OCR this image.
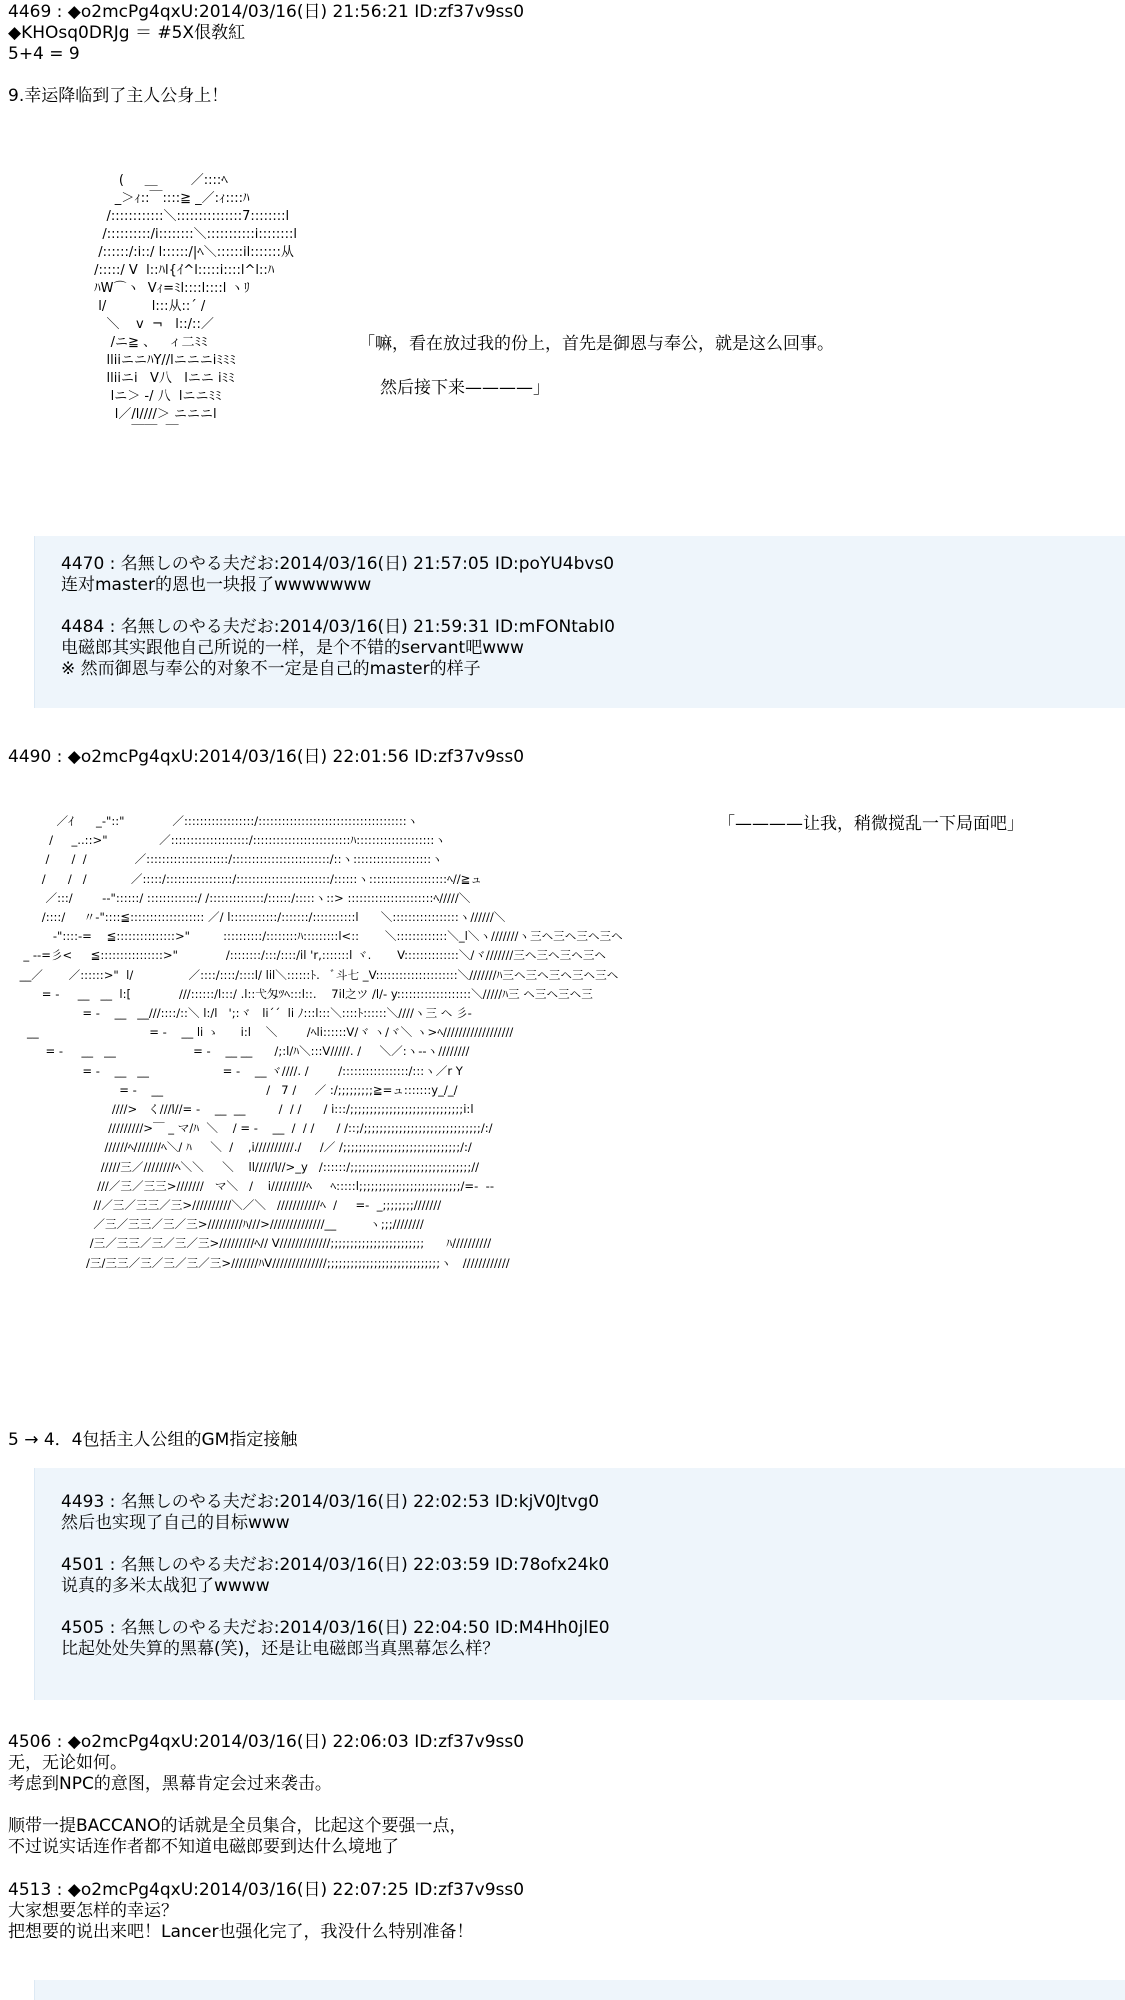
4469 : ◆o2mcPg4qxU:2014/03/16(日) 21:56:21 ID:zf37v9ss0

◆KHOsq0DRJg ＝ #5X佷敎紅

5+4 = 9

9.幸运降临到了主人公身上！

(     ＿        ／::::ﾍ
_＞ｨ::￣::::≧ _／:ｨ::::ﾊ
/::::::::::::＼:::::::::::::::7::::::::l
/::::::::::/i::::::::＼:::::::::::i::::::::l
/::::::/:i::/ l::::::/|ﾍ＼::::::il:::::::从
/:::::/ V  l::ﾊl{ｲ^l:::::i::::l^l::ﾊ
ﾊW⌒ヽ  Vｨ=ﾐl::::l::::l ヽﾘ
l/           l:::从::´ /
＼    v  ¬   l::/::／
/ニ≧ 、   ィ二ﾐﾐ
lliiニニﾊY//lニニニiﾐﾐﾐ
lliiニi   V八   lニニ iﾐﾐ
lニ＞ -/ 八  lニニﾐﾐ
l／/l////＞ ニニニl
￣￣  ￣

「嘛，看在放过我的份上，首先是御恩与奉公，就是这么回事。

然后接下来————」

4470 : 名無しのやる夫だお:2014/03/16(日) 21:57:05 ID:poYU4bvs0

连对master的恩也一块报了wwwwwww

4484 : 名無しのやる夫だお:2014/03/16(日) 21:59:31 ID:mFONtabI0

电磁郎其实跟他自己所说的一样，是个不错的servant吧www

※ 然而御恩与奉公的对象不一定是自己的master的样子

4490 : ◆o2mcPg4qxU:2014/03/16(日) 22:01:56 ID:zf37v9ss0

「————让我，稍微搅乱一下局面吧」

／ｲ      _‐"::"             ／::::::::::::::::::/::::::::::::::::::::::::::::::::::::::ヽ
/     _..::>"              ／::::::::::::::::::::/:::::::::::::::::::::::::ﾊ::::::::::::::::::::ヽ
/      /  /             ／:::::::::::::::::::::/:::::::::::::::::::::::::/::ヽ::::::::::::::::::::ヽ
/      /   /            ／:::::/:::::::::::::::::/::::::::::::::::::::::::/::::::ヽ::::::::::::::::::::ﾍ//≧ュ
／:::/        ‐-"::::::/ :::::::::::::/ /::::::::::::::/::::::/:::::ヽ::> ::::::::::::::::::::::ﾍ/////＼
/::::/     〃‐"::::≦::::::::::::::::::: ／/ l::::::::::::/:::::::/:::::::::::l      ＼:::::::::::::::::ヽ//////＼
‐"::::-=    ≦:::::::::::::::>"         ::::::::::/::::::::ﾊ:::::::::l<::       ＼:::::::::::::＼_l＼ヽ///////ヽ三ヘ三ヘ三ヘ三ヘ
_ --=彡<     ≦::::::::::::::::>"             /::::::::/:::/::::/il 'r,:::::::l ヾ.       V::::::::::::::＼/ヾ///////三ヘ三ヘ三ヘ三ヘ
__／       ／::::::>"  l/               ／::::/::::/::::l/ lil＼::::::ﾄ.   ﾞ斗七 _V:::::::::::::::::::::＼///////ﾊ三ヘ三ヘ三ヘ三ヘ三ヘ
= -     __   __  l:[             ///::::::/l:::/ .l::弋匁ﾂﾍ:::l::.    7il之ツ /l/- y:::::::::::::::::::＼/////ﾊ三 ヘ三ヘ三ヘ三
= -    __   __///::::/::＼ l:/l   ';:ヾ   li´´  li ﾉ:::l:::＼::::ﾄ::::::＼////ヽ三 ヘ 彡-
__                              = -    __ li ゝ      i:l    ＼        /ﾍli::::::V/ヾ ヽ/ヾ＼ ヽ>ﾍ//////////////////
= -     __   __                     = -    __ __      /;:l/ﾊ＼:::V/////. /     ＼／:ヽ--ヽ////////
= -    __   __                    = -    __ ヾ////. /        /:::::::::::::::::/:::ヽ／r Y
= -    __                            /   7 /     ／ :/;;;;;;;;;≧=ュ:::::::y_/_/
////>   く///l//= -    __  __         /  / /      / i:::/;;;;;;;;;;;;;;;;;;;;;;;;;;;;;i:l
/////////>￣ _ マ/ﾊ  ＼    / = -    __  /  / /      / /::;/;;;;;;;;;;;;;;;;;;;;;;;;;;;;;;/:/
//////ﾍ///////ﾍ＼/ ﾊ     ＼  /    ,i//////////./     /／ /;;;;;;;;;;;;;;;;;;;;;;;;;;;;;;/:/
/////三／////////ﾍ＼＼     ＼    ll/////l//>_y   /::::::/;;;;;;;;;;;;;;;;;;;;;;;;;;;;;;;//
///／三／三三>///////   マ＼   /    i/////////ﾍ     ﾍ:::::l;;;;;;;;;;;;;;;;;;;;;;;;;;/=-  --
//／三／三三／三>//////////＼／＼   ///////////ﾍ  /     =-  _;;;;;;;;///////
／三／三三／三／三>/////////ﾊ///>//////////////__         ヽ;;;////////
/三／三三／三／三／三>/////////ﾍ// V/////////////;;;;;;;;;;;;;;;;;;;;;;;;      ﾊ//////////
/三/三三／三／三／三／三>///////ﾊV//////////////;;;;;;;;;;;;;;;;;;;;;;;;;;;;;ヽ   ////////////

5 → 4．4包括主人公组的GM指定接触

4493 : 名無しのやる夫だお:2014/03/16(日) 22:02:53 ID:kjV0Jtvg0

然后也实现了自己的目标www

4501 : 名無しのやる夫だお:2014/03/16(日) 22:03:59 ID:78ofx24k0

说真的多米太战犯了wwww

4505 : 名無しのやる夫だお:2014/03/16(日) 22:04:50 ID:M4Hh0jlE0

比起处处失算的黑幕(笑)，还是让电磁郎当真黑幕怎么样？

4506 : ◆o2mcPg4qxU:2014/03/16(日) 22:06:03 ID:zf37v9ss0

无，无论如何。

考虑到NPC的意图，黑幕肯定会过来袭击。

顺带一提BACCANO的话就是全员集合，比起这个要强一点，

不过说实话连作者都不知道电磁郎要到达什么境地了

4513 : ◆o2mcPg4qxU:2014/03/16(日) 22:07:25 ID:zf37v9ss0

大家想要怎样的幸运？

把想要的说出来吧！Lancer也强化完了，我没什么特别准备！
